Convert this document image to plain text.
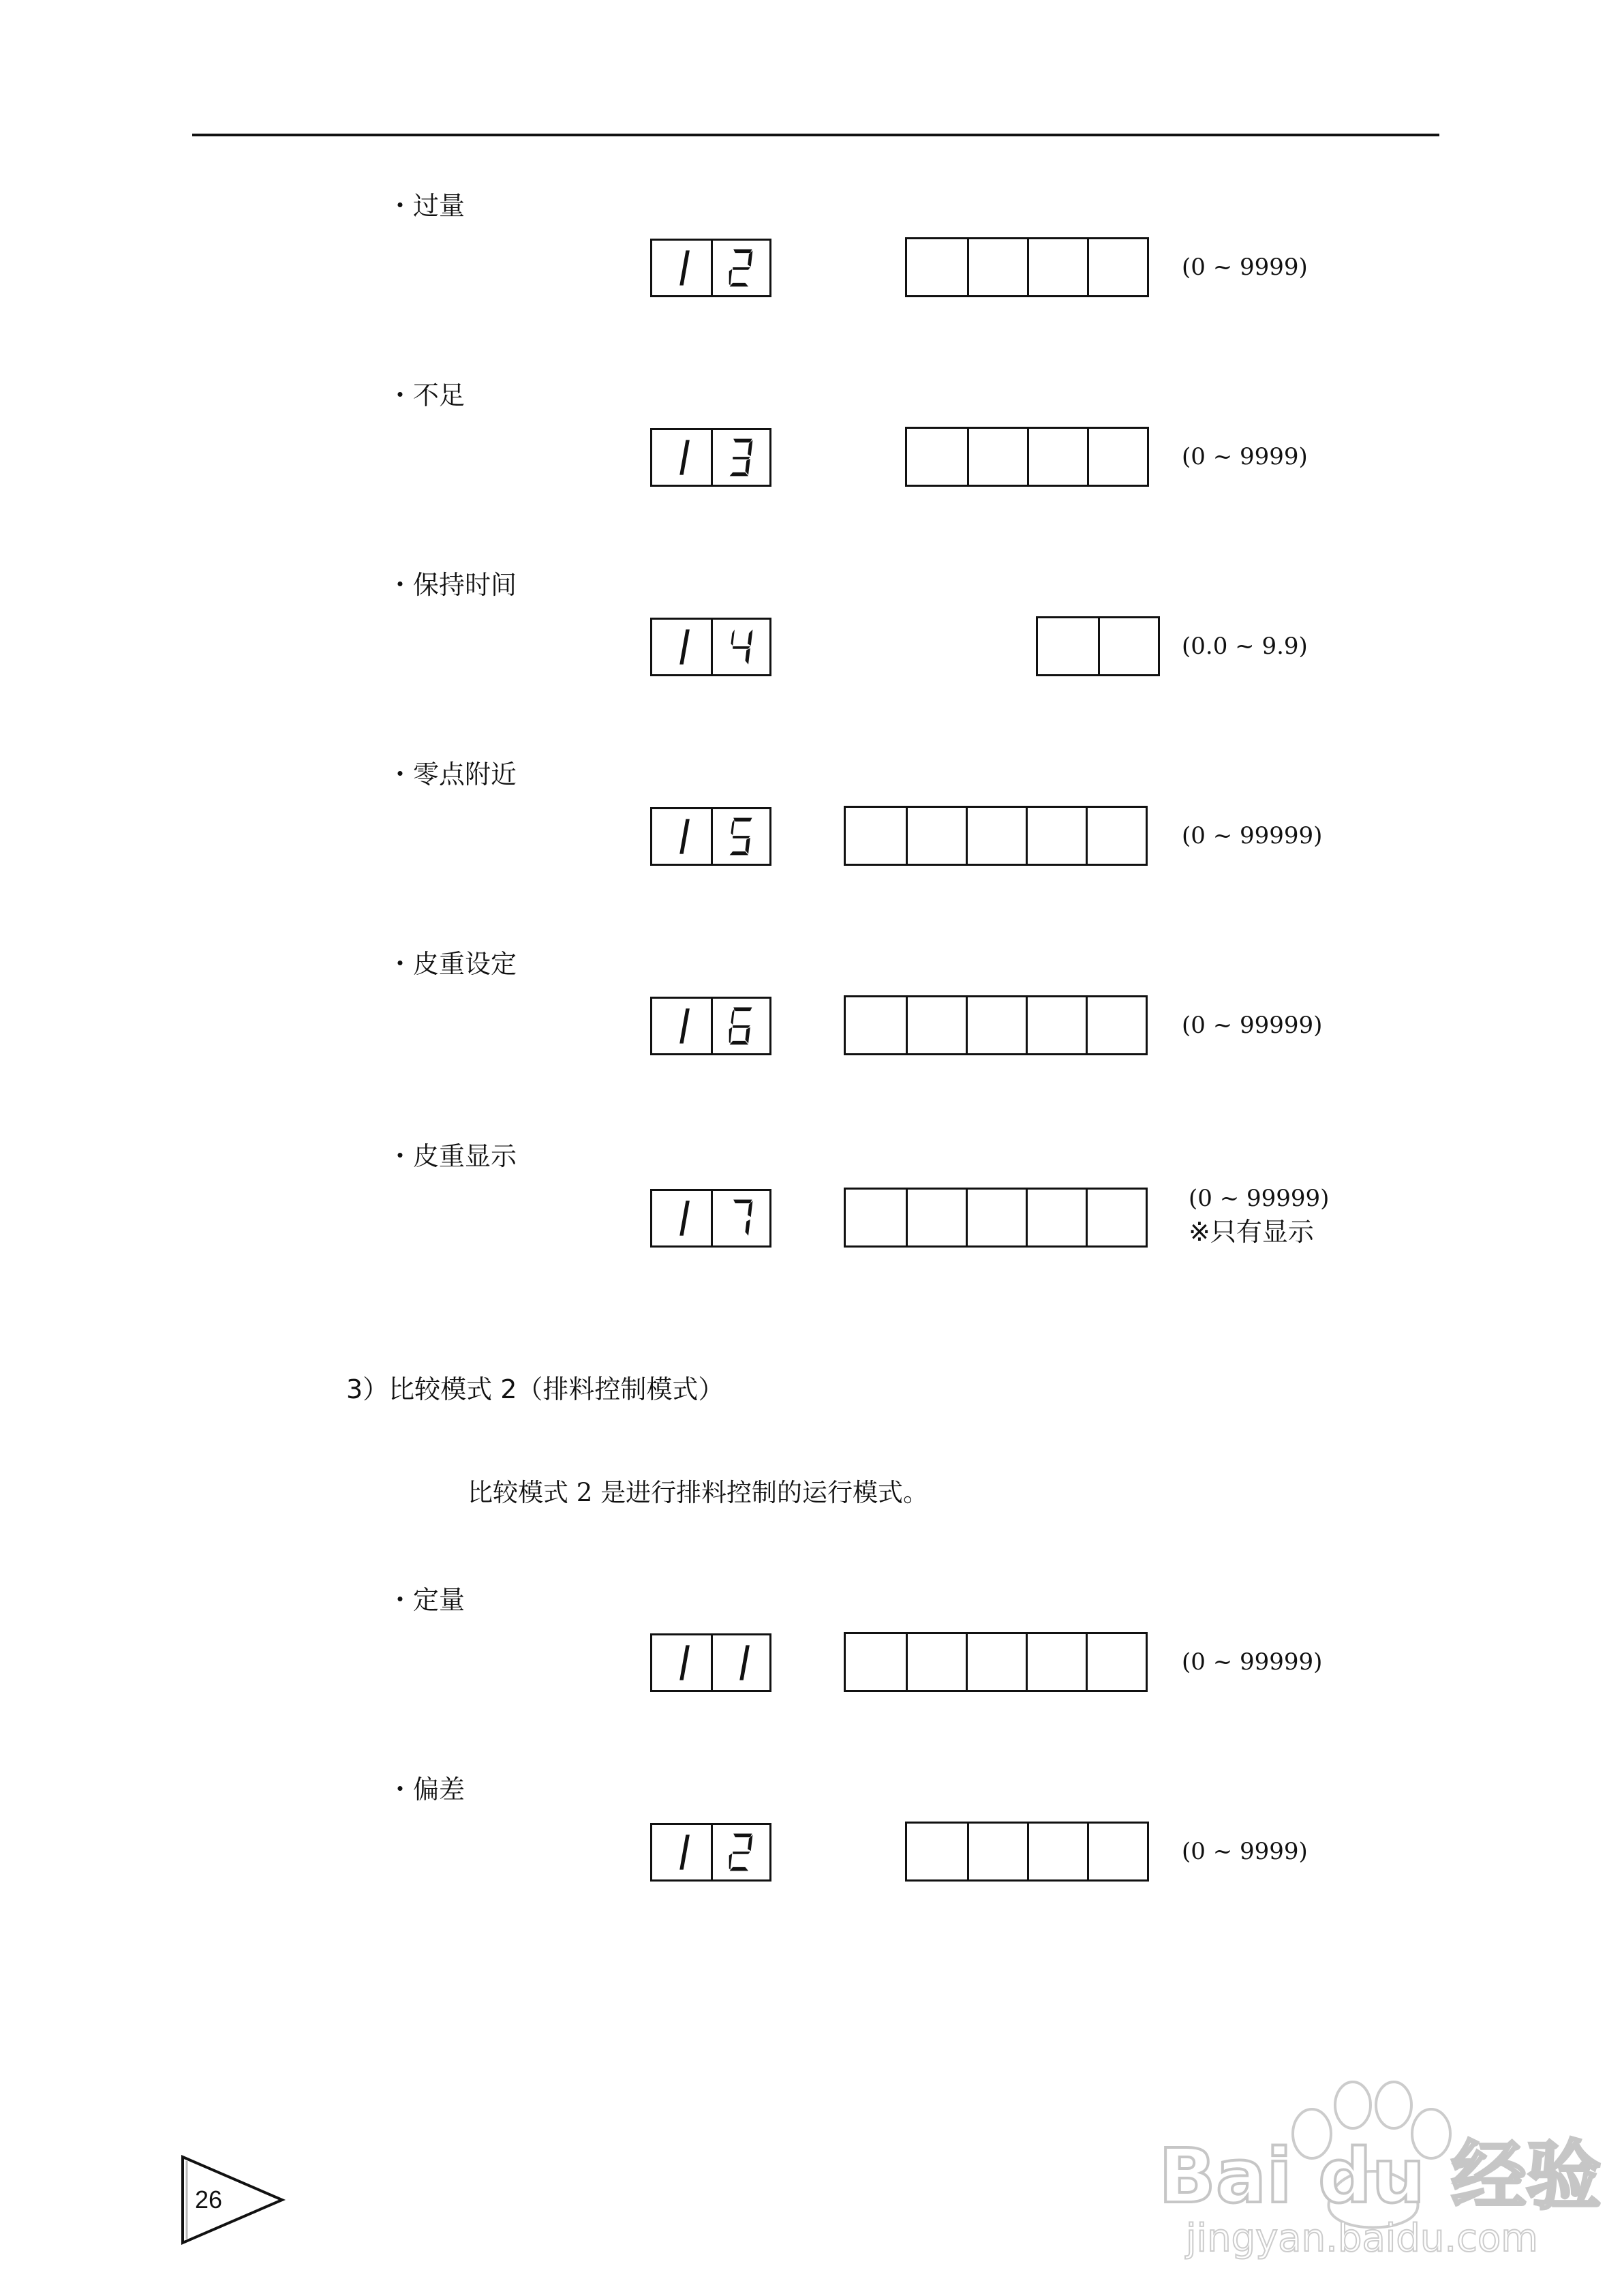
・过量
(0 ~ 9999)
・不足
(0 ~ 9999)
・保持时间
(0.0 ~ 9.9)
・零点附近
(0 ~ 99999)
・皮重设定
(0 ~ 99999)
・皮重显示
(0 ~ 99999)
※只有显示
3）比较模式 2（排料控制模式）
比较模式 2 是进行排料控制的运行模式。
・定量
(0 ~ 99999)
・偏差
(0 ~ 9999)
26	Bai du 经验
jingyan.baidu.com
